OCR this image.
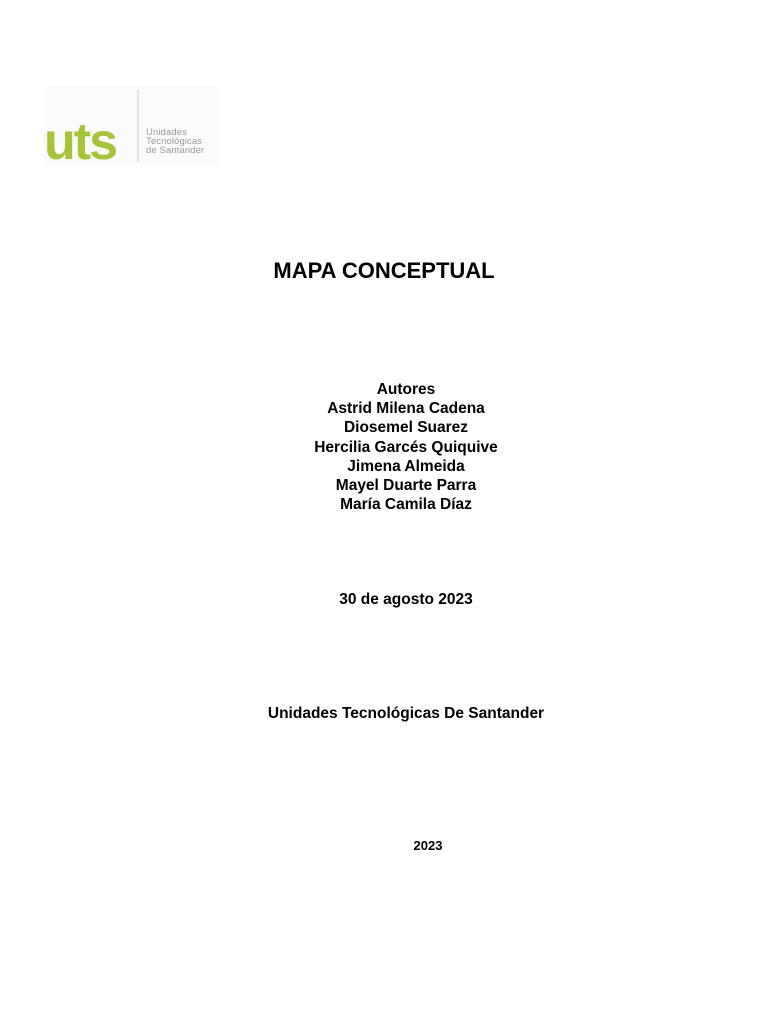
uts	Unidades
Tecnológicas
de Santander
MAPA CONCEPTUAL
Autores
Astrid Milena Cadena
Diosemel Suarez
Hercilia Garcés Quiquive
Jimena Almeida
Mayel Duarte Parra
María Camila Díaz
30 de agosto 2023
Unidades Tecnológicas De Santander
2023
